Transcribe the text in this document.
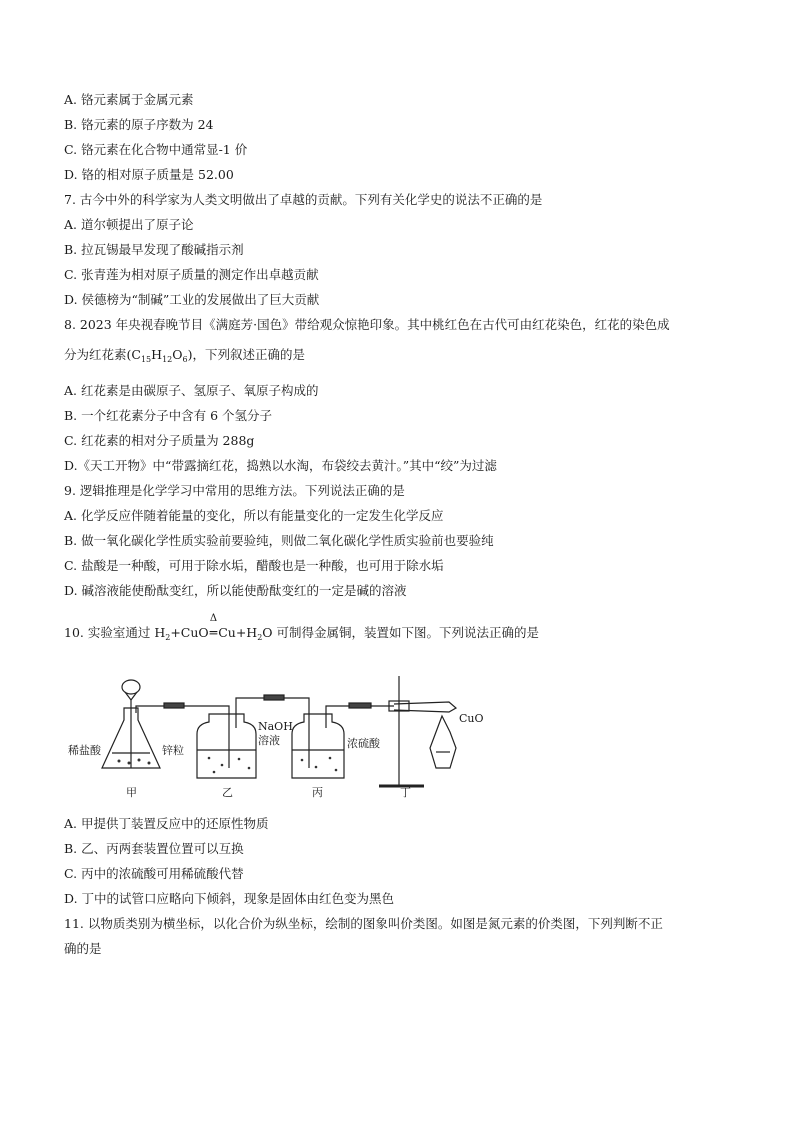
A. 铬元素属于金属元素
B. 铬元素的原子序数为 24
C. 铬元素在化合物中通常显-1 价
D. 铬的相对原子质量是 52.00
7. 古今中外的科学家为人类文明做出了卓越的贡献。下列有关化学史的说法不正确的是
A. 道尔顿提出了原子论
B. 拉瓦锡最早发现了酸碱指示剂
C. 张青莲为相对原子质量的测定作出卓越贡献
D. 侯德榜为“制碱”工业的发展做出了巨大贡献
8. 2023 年央视春晚节目《满庭芳·国色》带给观众惊艳印象。其中桃红色在古代可由红花染色，红花的染色成
分为红花素$(C_{15}H_{12}O_6)$，下列叙述正确的是
A. 红花素是由碳原子、氢原子、氧原子构成的
B. 一个红花素分子中含有 6 个氢分子
C. 红花素的相对分子质量为 288g
D.《天工开物》中“带露摘红花，捣熟以水淘，布袋绞去黄汁。”其中“绞”为过滤
9. 逻辑推理是化学学习中常用的思维方法。下列说法正确的是
A. 化学反应伴随着能量的变化，所以有能量变化的一定发生化学反应
B. 做一氧化碳化学性质实验前要验纯，则做二氧化碳化学性质实验前也要验纯
C. 盐酸是一种酸，可用于除水垢，醋酸也是一种酸，也可用于除水垢
D. 碱溶液能使酚酞变红，所以能使酚酞变红的一定是碱的溶液
10. 实验室通过 $H_2+CuO$
Δ
$═Cu+H_2O$ 可制得金属铜，装置如下图。下列说法正确的是
稀盐酸	锌粒
NaOH
溶液	浓硫酸
CuO
甲	乙	丙	丁
A. 甲提供丁装置反应中的还原性物质
B. 乙、丙两套装置位置可以互换
C. 丙中的浓硫酸可用稀硫酸代替
D. 丁中的试管口应略向下倾斜，现象是固体由红色变为黑色
11. 以物质类别为横坐标，以化合价为纵坐标，绘制的图象叫价类图。如图是氮元素的价类图，下列判断不正
确的是
